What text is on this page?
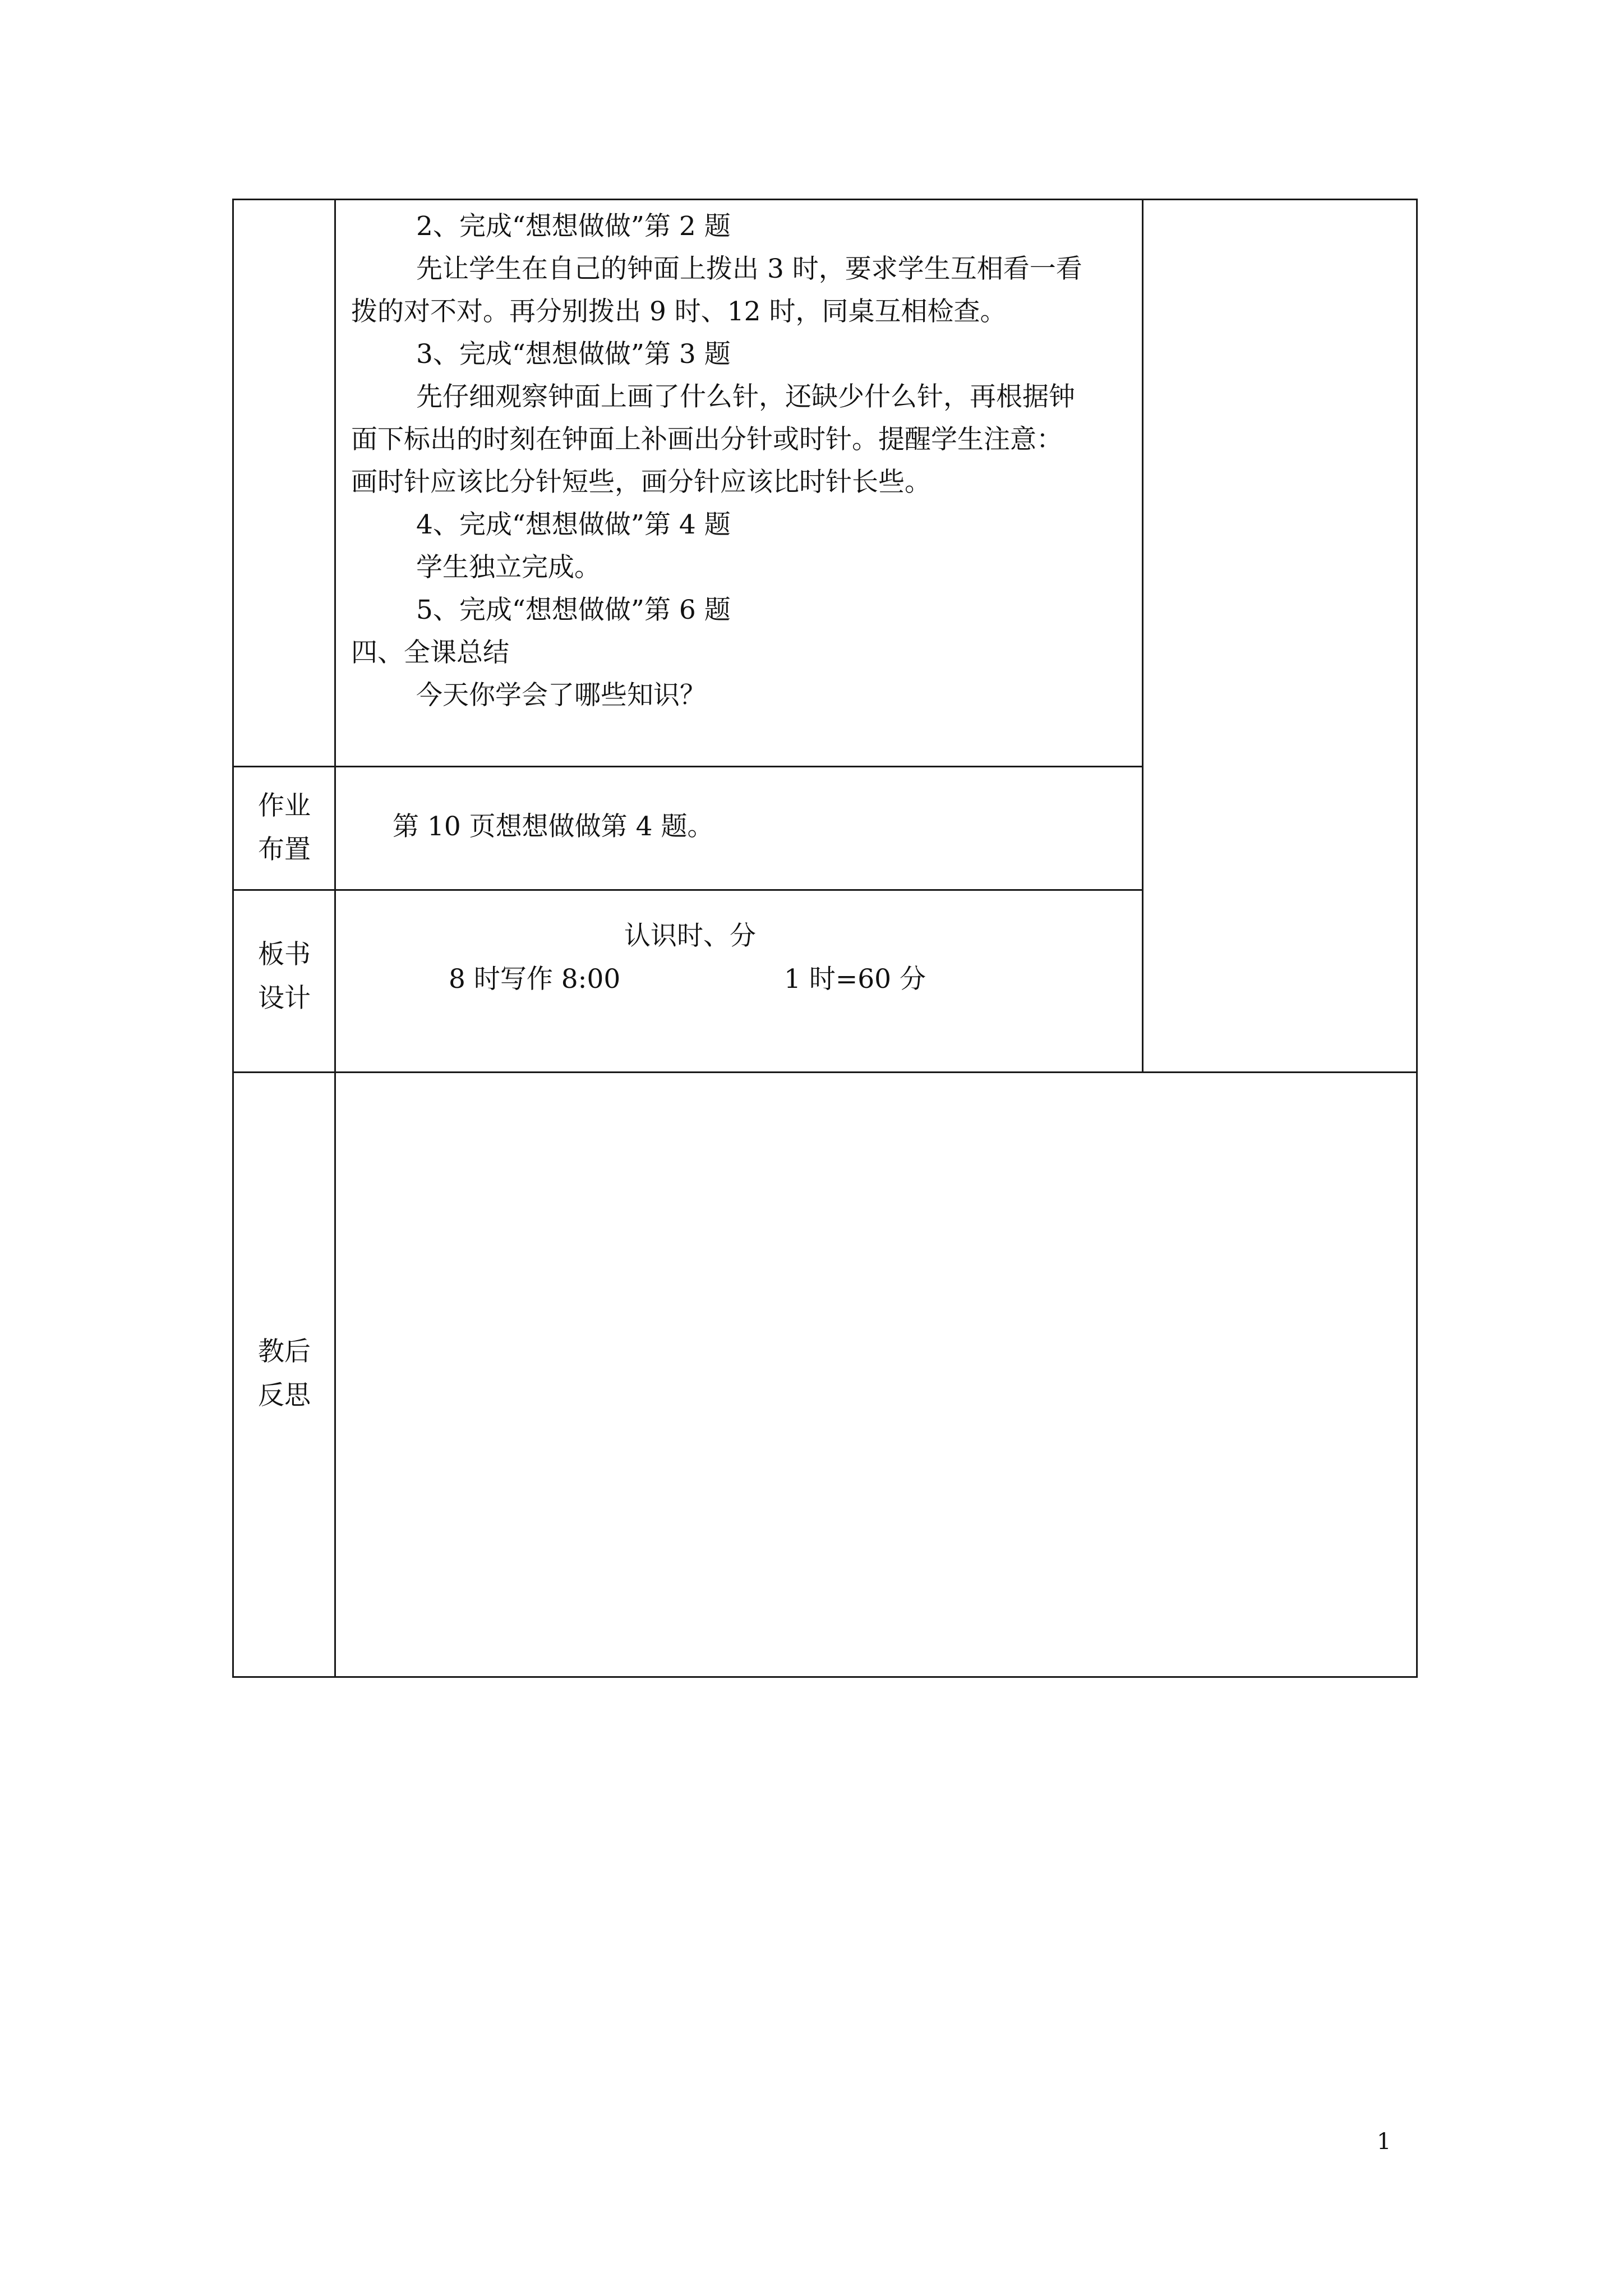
2、完成“想想做做”第 2 题
先让学生在自己的钟面上拨出 3 时，要求学生互相看一看
拨的对不对。再分别拨出 9 时、12 时，同桌互相检查。
3、完成“想想做做”第 3 题
先仔细观察钟面上画了什么针，还缺少什么针，再根据钟
面下标出的时刻在钟面上补画出分针或时针。提醒学生注意：
画时针应该比分针短些，画分针应该比时针长些。
4、完成“想想做做”第 4 题
学生独立完成。
5、完成“想想做做”第 6 题
四、全课总结
今天你学会了哪些知识？
作业
布置
第 10 页想想做做第 4 题。
板书
设计
认识时、分
8 时写作 8:00	1 时=60 分
教后
反思
1
